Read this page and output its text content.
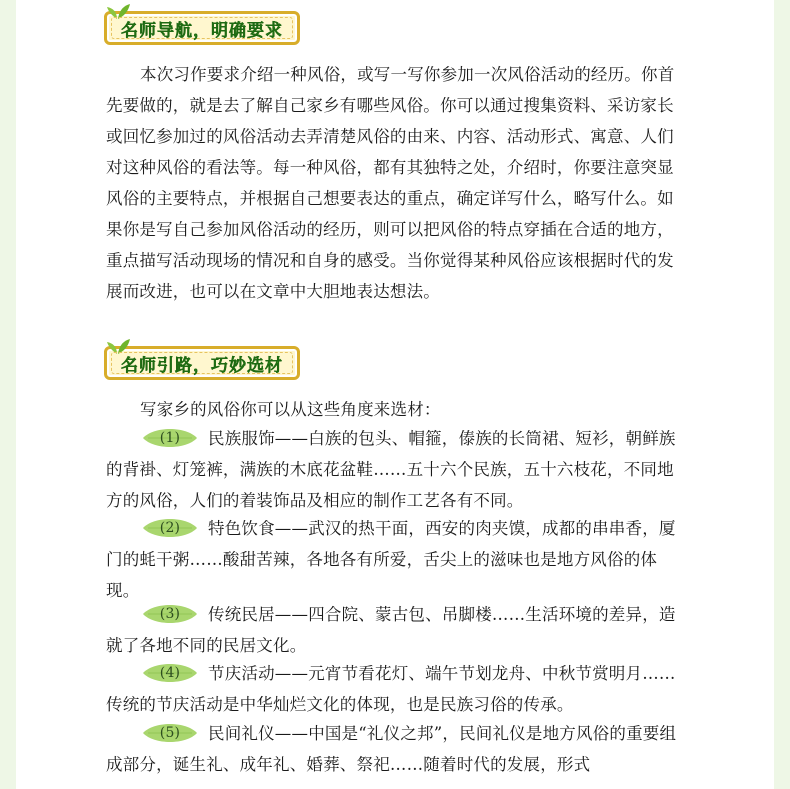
名师导航，明确要求

本次习作要求介绍一种风俗，或写一写你参加一次风俗活动的经历。你首先要做的，就是去了解自己家乡有哪些风俗。你可以通过搜集资料、采访家长或回忆参加过的风俗活动去弄清楚风俗的由来、内容、活动形式、寓意、人们对这种风俗的看法等。每一种风俗，都有其独特之处，介绍时，你要注意突显风俗的主要特点，并根据自己想要表达的重点，确定详写什么，略写什么。如果你是写自己参加风俗活动的经历，则可以把风俗的特点穿插在合适的地方，重点描写活动现场的情况和自身的感受。当你觉得某种风俗应该根据时代的发展而改进，也可以在文章中大胆地表达想法。

名师引路，巧妙选材

写家乡的风俗你可以从这些角度来选材：

(1)	民族服饰——白族的包头、帽箍，傣族的长筒裙、短衫，朝鲜族的背褂、灯笼裤，满族的木底花盆鞋……五十六个民族，五十六枝花，不同地方的风俗，人们的着装饰品及相应的制作工艺各有不同。
(2)	特色饮食——武汉的热干面，西安的肉夹馍，成都的串串香，厦门的蚝干粥……酸甜苦辣，各地各有所爱，舌尖上的滋味也是地方风俗的体现。
(3)	传统民居——四合院、蒙古包、吊脚楼……生活环境的差异，造就了各地不同的民居文化。
(4)	节庆活动——元宵节看花灯、端午节划龙舟、中秋节赏明月……传统的节庆活动是中华灿烂文化的体现，也是民族习俗的传承。
(5)	民间礼仪——中国是“礼仪之邦”，民间礼仪是地方风俗的重要组成部分，诞生礼、成年礼、婚葬、祭祀……随着时代的发展，形式
